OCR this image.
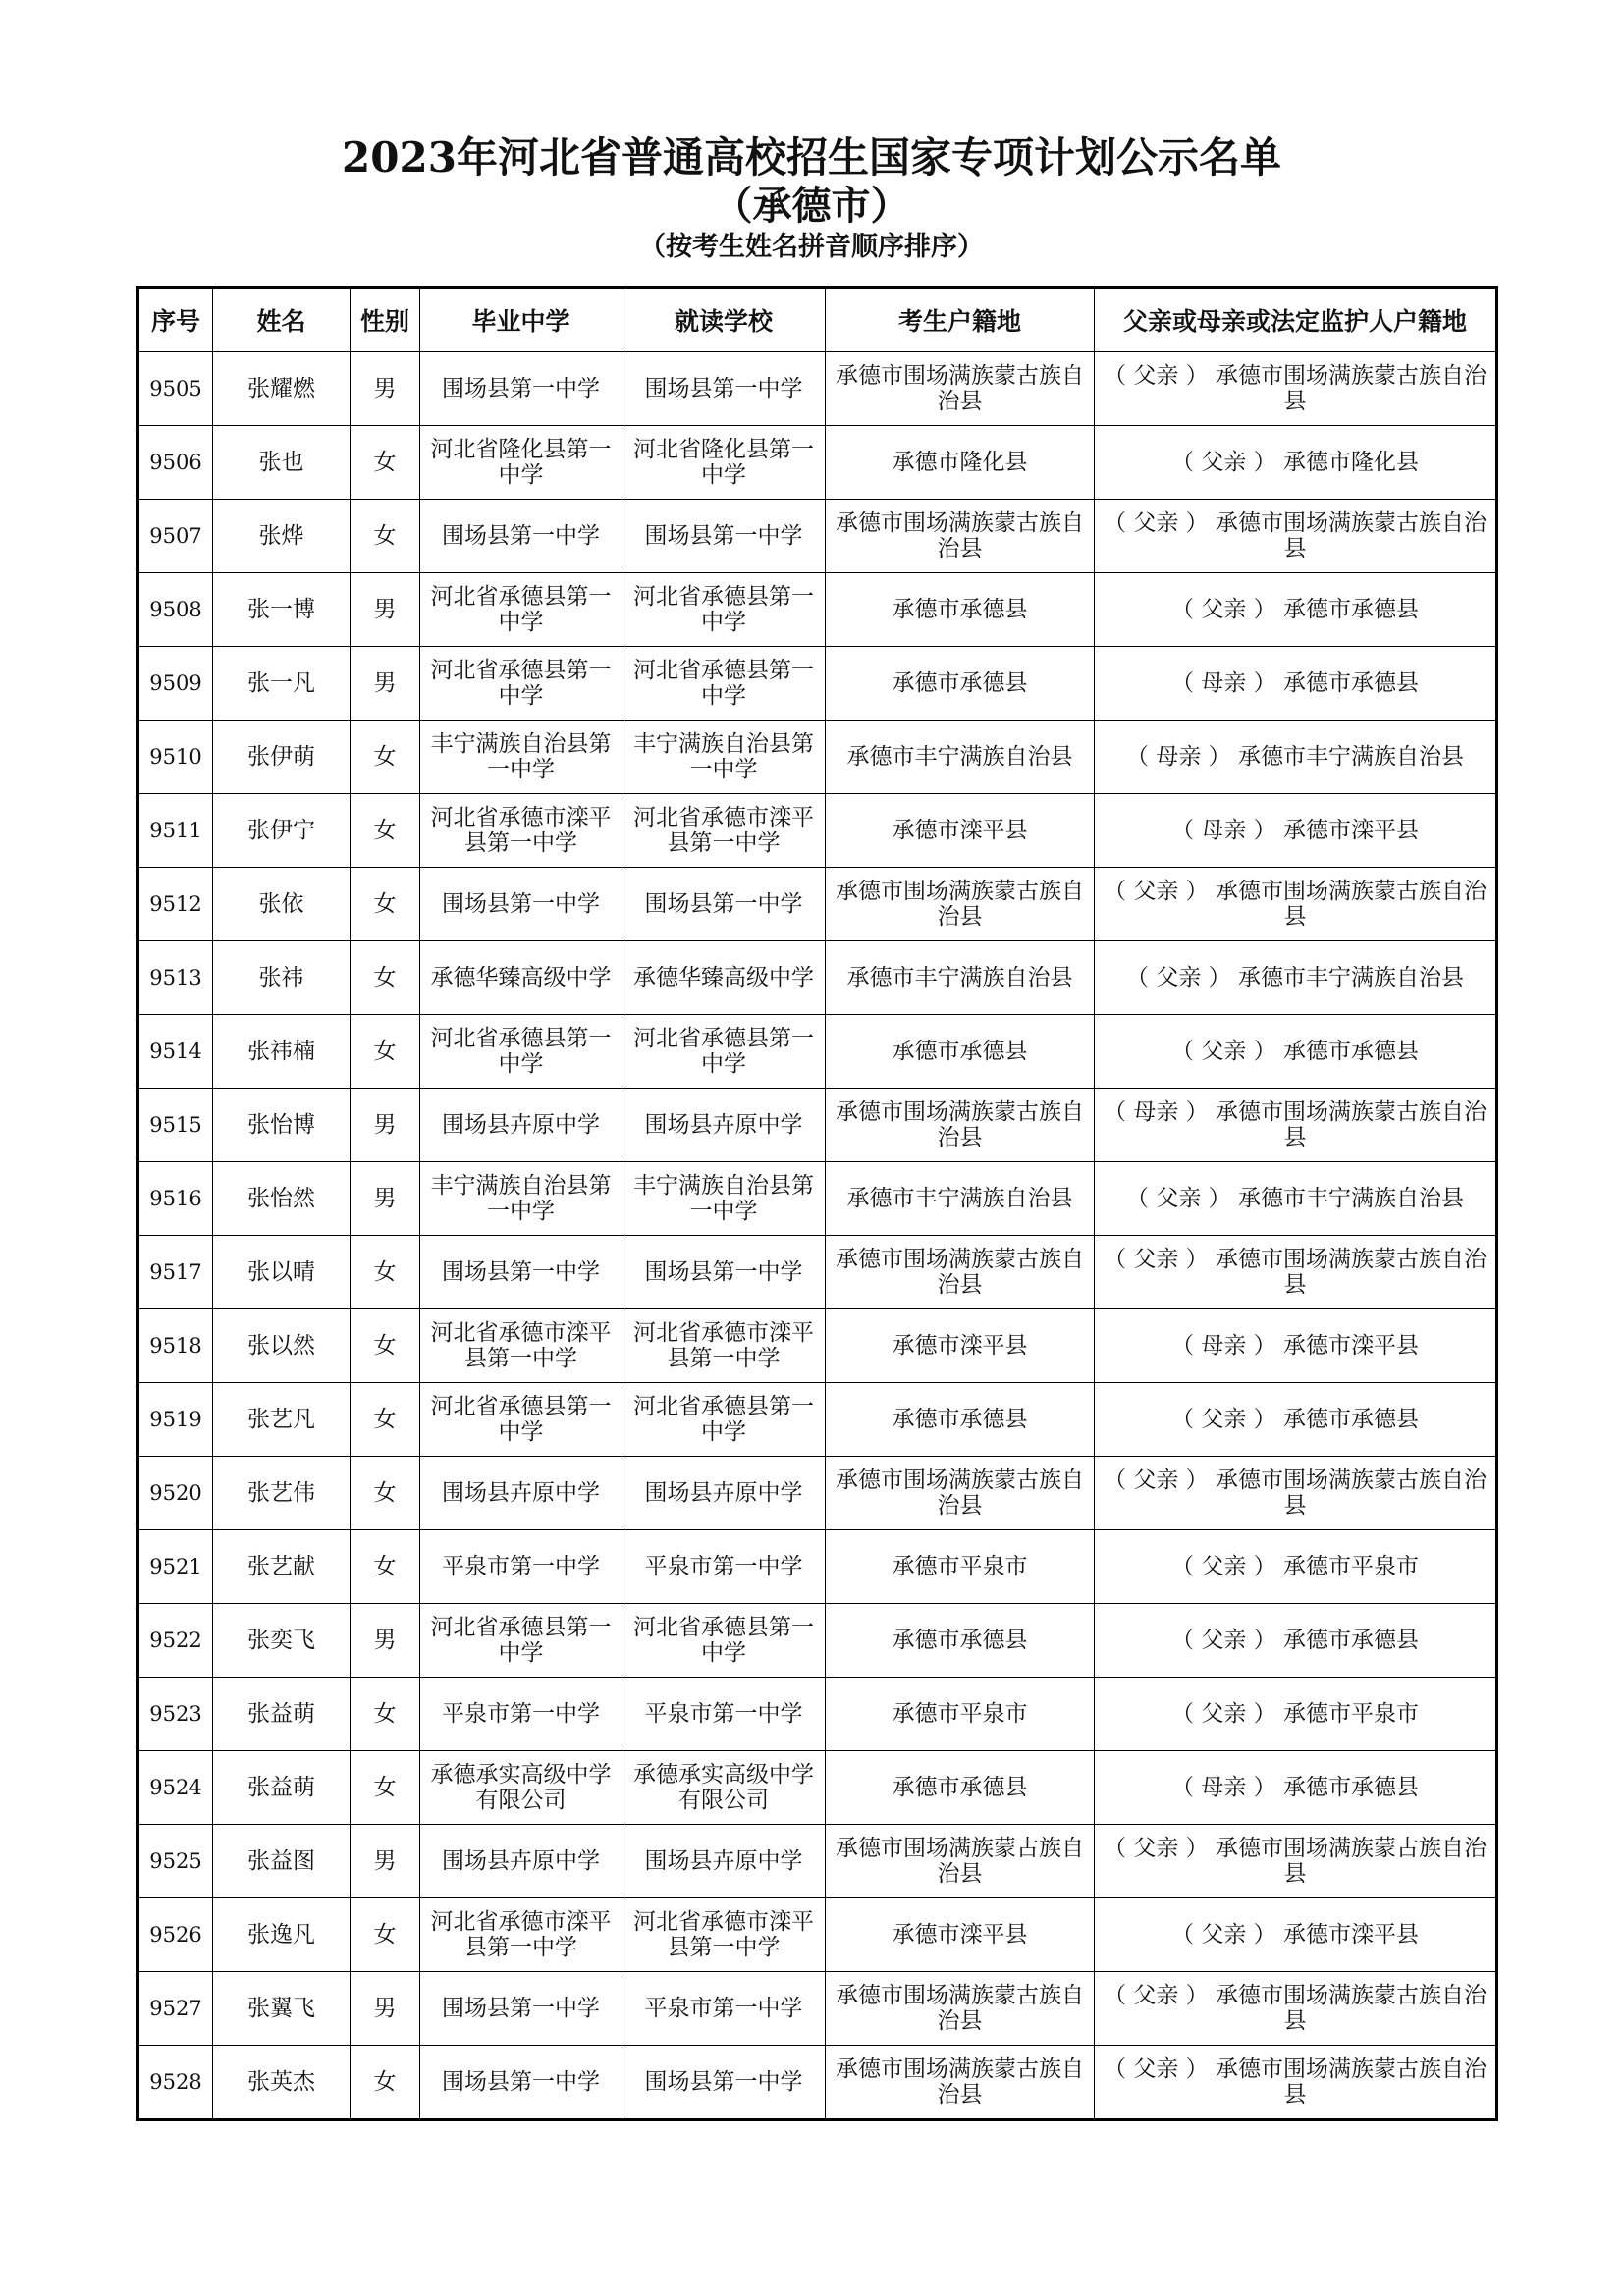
2023年河北省普通高校招生国家专项计划公示名单
（承德市）
（按考生姓名拼音顺序排序）
序号	姓名	性别	毕业中学	就读学校	考生户籍地	父亲或母亲或法定监护人户籍地
9505	张耀燃	男	围场县第一中学	围场县第一中学	承德市围场满族蒙古族自治县	（ 父亲 ） 承德市围场满族蒙古族自治县
9506	张也	女	河北省隆化县第一中学	河北省隆化县第一中学	承德市隆化县	（ 父亲 ） 承德市隆化县
9507	张烨	女	围场县第一中学	围场县第一中学	承德市围场满族蒙古族自治县	（ 父亲 ） 承德市围场满族蒙古族自治县
9508	张一博	男	河北省承德县第一中学	河北省承德县第一中学	承德市承德县	（ 父亲 ） 承德市承德县
9509	张一凡	男	河北省承德县第一中学	河北省承德县第一中学	承德市承德县	（ 母亲 ） 承德市承德县
9510	张伊萌	女	丰宁满族自治县第一中学	丰宁满族自治县第一中学	承德市丰宁满族自治县	（ 母亲 ） 承德市丰宁满族自治县
9511	张伊宁	女	河北省承德市滦平县第一中学	河北省承德市滦平县第一中学	承德市滦平县	（ 母亲 ） 承德市滦平县
9512	张依	女	围场县第一中学	围场县第一中学	承德市围场满族蒙古族自治县	（ 父亲 ） 承德市围场满族蒙古族自治县
9513	张祎	女	承德华臻高级中学	承德华臻高级中学	承德市丰宁满族自治县	（ 父亲 ） 承德市丰宁满族自治县
9514	张祎楠	女	河北省承德县第一中学	河北省承德县第一中学	承德市承德县	（ 父亲 ） 承德市承德县
9515	张怡博	男	围场县卉原中学	围场县卉原中学	承德市围场满族蒙古族自治县	（ 母亲 ） 承德市围场满族蒙古族自治县
9516	张怡然	男	丰宁满族自治县第一中学	丰宁满族自治县第一中学	承德市丰宁满族自治县	（ 父亲 ） 承德市丰宁满族自治县
9517	张以晴	女	围场县第一中学	围场县第一中学	承德市围场满族蒙古族自治县	（ 父亲 ） 承德市围场满族蒙古族自治县
9518	张以然	女	河北省承德市滦平县第一中学	河北省承德市滦平县第一中学	承德市滦平县	（ 母亲 ） 承德市滦平县
9519	张艺凡	女	河北省承德县第一中学	河北省承德县第一中学	承德市承德县	（ 父亲 ） 承德市承德县
9520	张艺伟	女	围场县卉原中学	围场县卉原中学	承德市围场满族蒙古族自治县	（ 父亲 ） 承德市围场满族蒙古族自治县
9521	张艺献	女	平泉市第一中学	平泉市第一中学	承德市平泉市	（ 父亲 ） 承德市平泉市
9522	张奕飞	男	河北省承德县第一中学	河北省承德县第一中学	承德市承德县	（ 父亲 ） 承德市承德县
9523	张益萌	女	平泉市第一中学	平泉市第一中学	承德市平泉市	（ 父亲 ） 承德市平泉市
9524	张益萌	女	承德承实高级中学有限公司	承德承实高级中学有限公司	承德市承德县	（ 母亲 ） 承德市承德县
9525	张益图	男	围场县卉原中学	围场县卉原中学	承德市围场满族蒙古族自治县	（ 父亲 ） 承德市围场满族蒙古族自治县
9526	张逸凡	女	河北省承德市滦平县第一中学	河北省承德市滦平县第一中学	承德市滦平县	（ 父亲 ） 承德市滦平县
9527	张翼飞	男	围场县第一中学	平泉市第一中学	承德市围场满族蒙古族自治县	（ 父亲 ） 承德市围场满族蒙古族自治县
9528	张英杰	女	围场县第一中学	围场县第一中学	承德市围场满族蒙古族自治县	（ 父亲 ） 承德市围场满族蒙古族自治县
